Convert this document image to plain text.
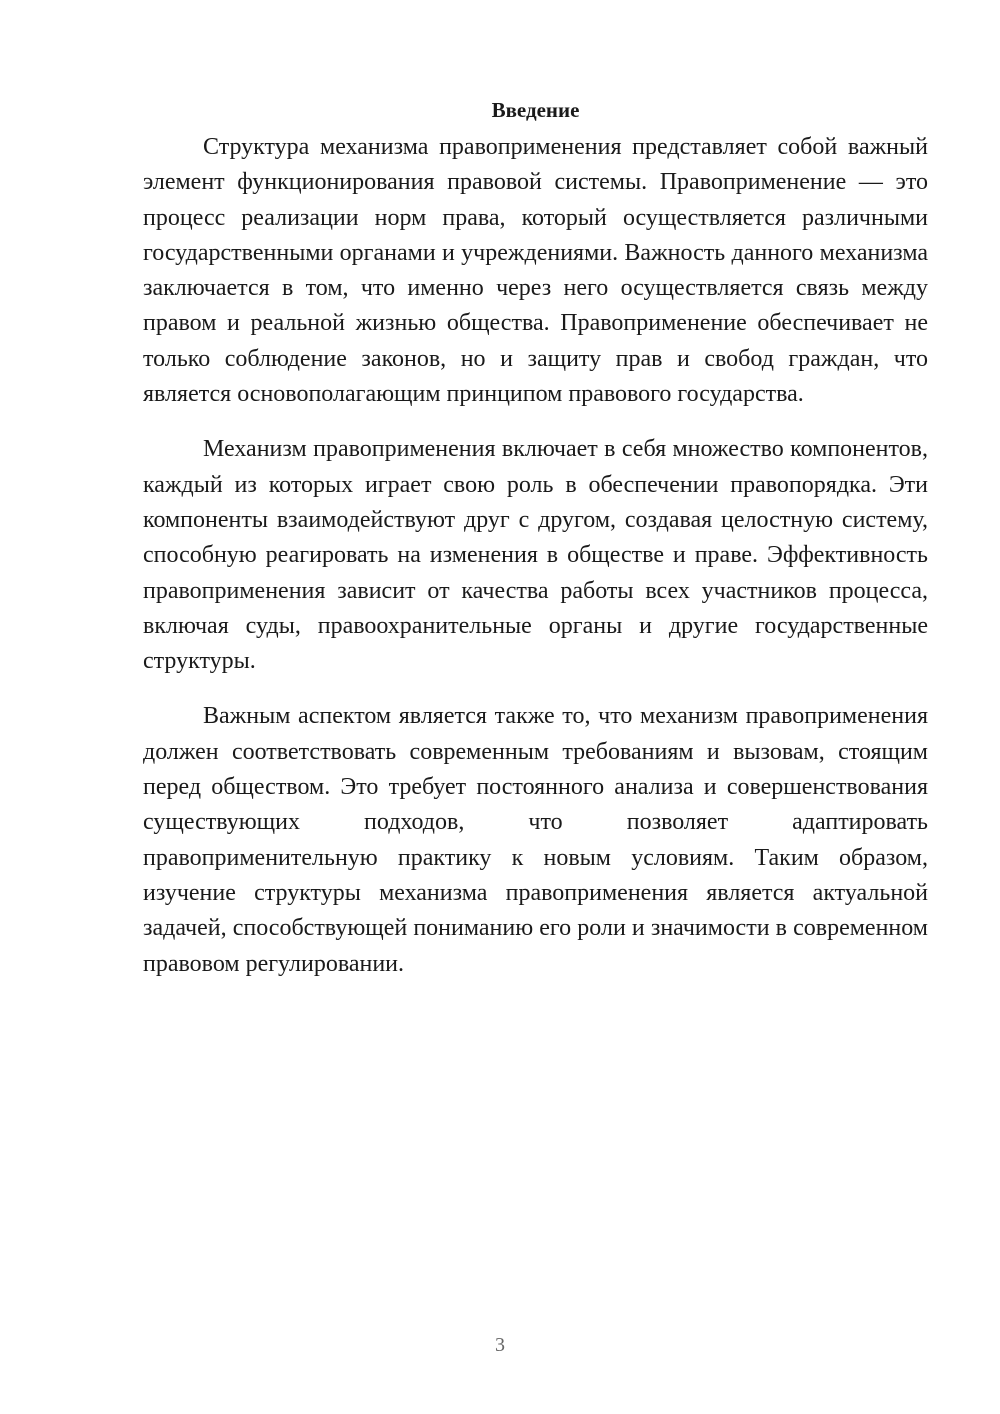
Введение

Структура механизма правоприменения представляет собой важный элемент функционирования правовой системы. Правоприменение — это процесс реализации норм права, который осуществляется различными государственными органами и учреждениями. Важность данного механизма заключается в том, что именно через него осуществляется связь между правом и реальной жизнью общества. Правоприменение обеспечивает не только соблюдение законов, но и защиту прав и свобод граждан, что является основополагающим принципом правового государства.

Механизм правоприменения включает в себя множество компонентов, каждый из которых играет свою роль в обеспечении правопорядка. Эти компоненты взаимодействуют друг с другом, создавая целостную систему, способную реагировать на изменения в обществе и праве. Эффективность правоприменения зависит от качества работы всех участников процесса, включая суды, правоохранительные органы и другие государственные структуры.

Важным аспектом является также то, что механизм правоприменения должен соответствовать современным требованиям и вызовам, стоящим перед обществом. Это требует постоянного анализа и совершенствования существующих подходов, что позволяет адаптировать правоприменительную практику к новым условиям. Таким образом, изучение структуры механизма правоприменения является актуальной задачей, способствующей пониманию его роли и значимости в современном правовом регулировании.

3
